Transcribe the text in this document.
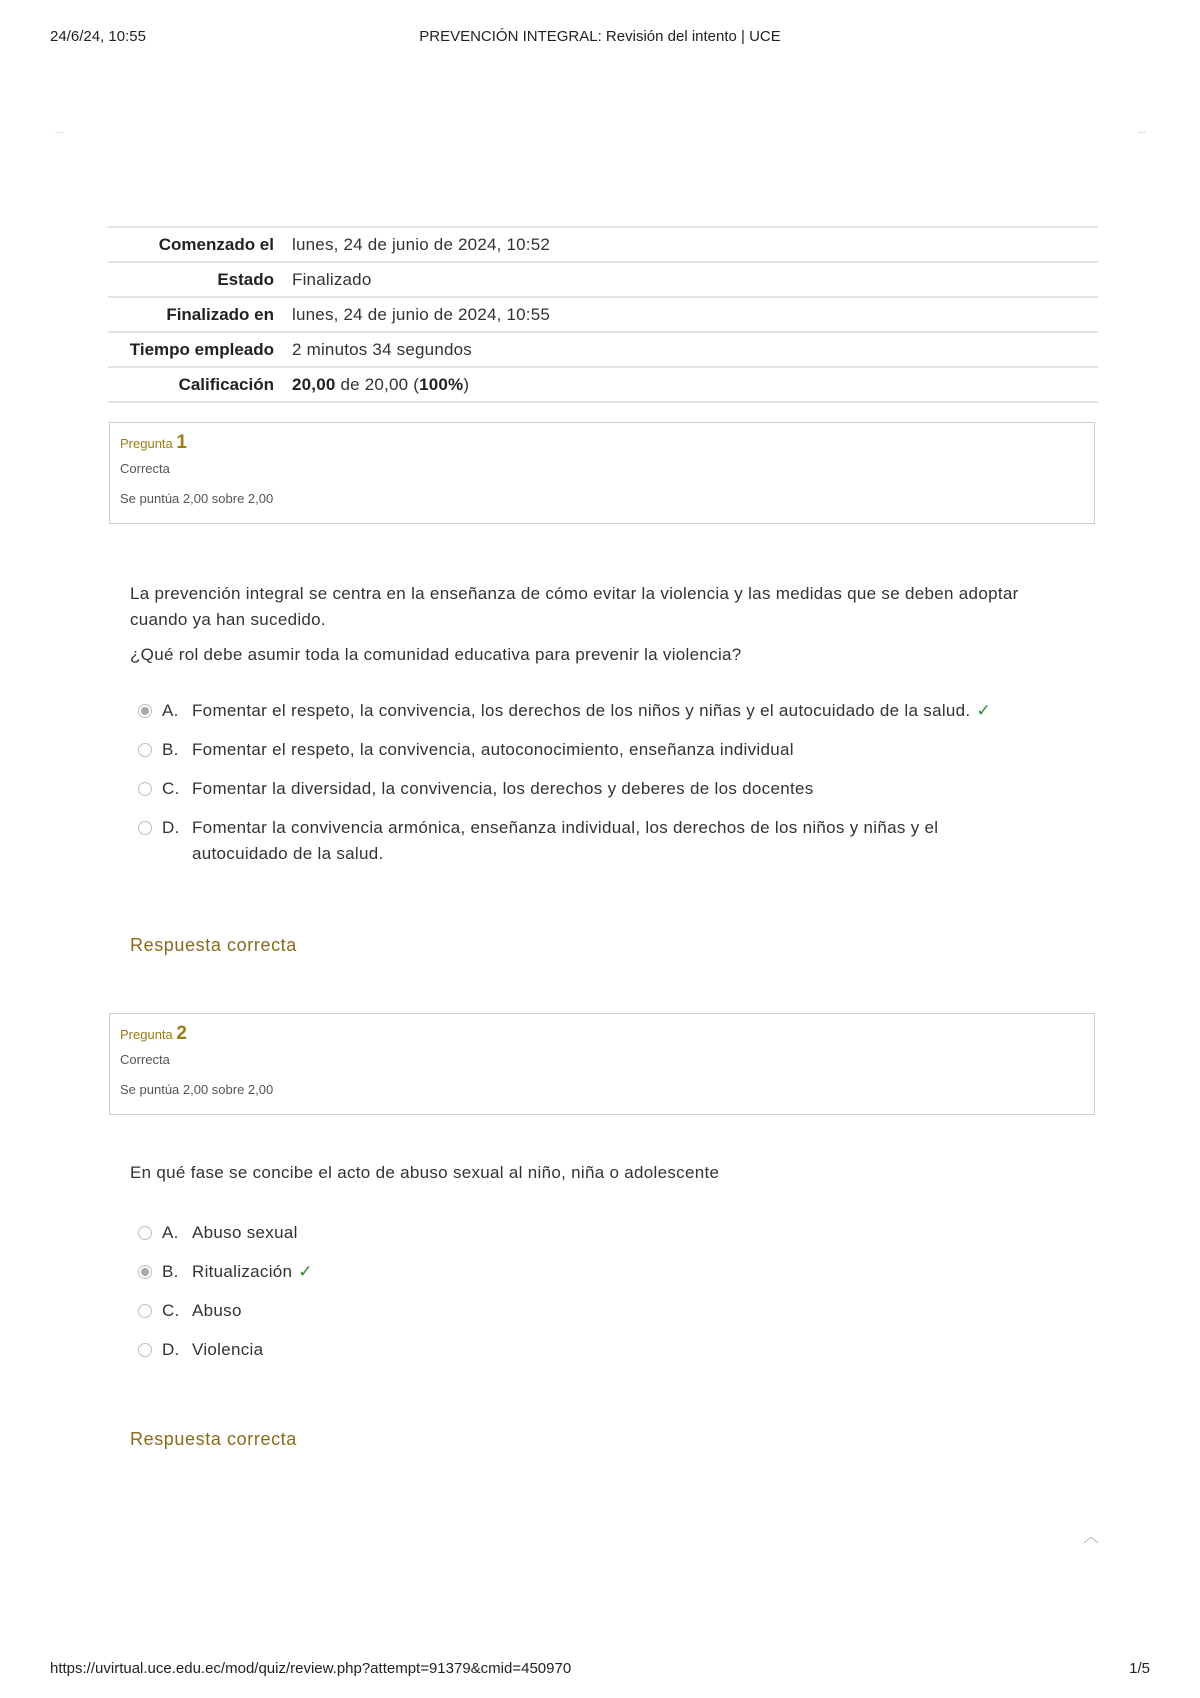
24/6/24, 10:55	PREVENCIÓN INTEGRAL: Revisión del intento | UCE
Comenzado el	lunes, 24 de junio de 2024, 10:52
Estado	Finalizado
Finalizado en	lunes, 24 de junio de 2024, 10:55
Tiempo empleado	2 minutos 34 segundos
Calificación	20,00 de 20,00 (100%)
Pregunta 1
Correcta
Se puntúa 2,00 sobre 2,00

La prevención integral se centra en la enseñanza de cómo evitar la violencia y las medidas que se deben adoptar cuando ya han sucedido.

¿Qué rol debe asumir toda la comunidad educativa para prevenir la violencia?

A. Fomentar el respeto, la convivencia, los derechos de los niños y niñas y el autocuidado de la salud. ✓
B. Fomentar el respeto, la convivencia, autoconocimiento, enseñanza individual
C. Fomentar la diversidad, la convivencia, los derechos y deberes de los docentes
D. Fomentar la convivencia armónica, enseñanza individual, los derechos de los niños y niñas y el autocuidado de la salud.
Respuesta correcta
Pregunta 2
Correcta
Se puntúa 2,00 sobre 2,00

En qué fase se concibe el acto de abuso sexual al niño, niña o adolescente

A. Abuso sexual
B. Ritualización ✓
C. Abuso
D. Violencia
Respuesta correcta
︿
https://uvirtual.uce.edu.ec/mod/quiz/review.php?attempt=91379&cmid=450970	1/5
